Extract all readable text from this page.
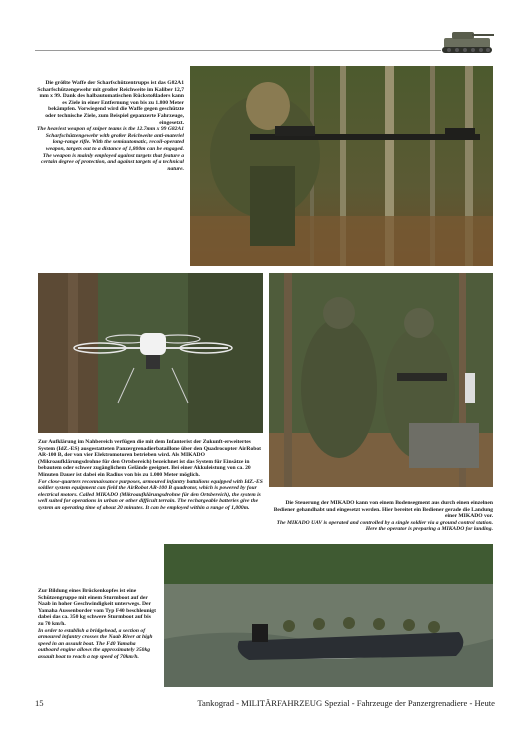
Die größte Waffe der Scharfschützentrupps ist das G82A1 Scharfschützengewehr mit großer Reichweite im Kaliber 12,7 mm x 99. Dank des halbautomatischen Rückstoßladers kann es Ziele in einer Entfernung von bis zu 1.800 Meter bekämpfen. Vorwiegend wird die Waffe gegen geschützte oder technische Ziele, zum Beispiel gepanzerte Fahrzeuge, eingesetzt.

The heaviest weapon of sniper teams is the 12.7mm x 99 G82A1 Scharfschützengewehr with großer Reichweite anti-materiel long-range rifle. With the semiautomatic, recoil-operated weapon, targets out to a distance of 1,800m can be engaged. The weapon is mainly employed against targets that feature a certain degree of protection, and against targets of a technical nature.

Zur Aufklärung im Nahbereich verfügen die mit dem Infanterist der Zukunft-erweitertes System (IdZ.-ES) ausgestatteten Panzergrenadierbataillone über den Quadrocopter AirRobot AR-100 B, der von vier Elektromotoren betrieben wird. Als MIKADO (Mikroaufklärungsdrohne für den Ortsbereich) bezeichnet ist das System für Einsätze in bebautem oder schwer zugänglichem Gelände geeignet. Bei einer Akkuleistung von ca. 20 Minuten Dauer ist dabei ein Radius von bis zu 1.000 Meter möglich.

For close-quarters reconnaissance purposes, armoured infantry battalions equipped with IdZ.-ES soldier system equipment can field the AirRobot AR-100 B quadrotor, which is powered by four electrical motors. Called MIKADO (Mikroaufklärungsdrohne für den Ortsbereich), the system is well suited for operations in urban or other difficult terrain. The rechargeable batteries give the system an operating time of about 20 minutes. It can be employed within a range of 1,000m.

Die Steuerung der MIKADO kann von einem Bodensegment aus durch einen einzelnen Bediener gehandhabt und eingesetzt werden. Hier bereitet ein Bediener gerade die Landung einer MIKADO vor.

The MIKADO UAV is operated and controlled by a single soldier via a ground control station. Here the operator is preparing a MIKADO for landing.

Zur Bildung eines Brückenkopfes ist eine Schützengruppe mit einem Sturmboot auf der Naab in hoher Geschwindigkeit unterwegs. Der Yamaha Aussenborder vom Typ F40 beschleunigt dabei das ca. 350 kg schwere Sturmboot auf bis zu 70 km/h.

In order to establish a bridgehead, a section of armoured infantry crosses the Naab River at high speed in an assault boat. The F40 Yamaha outboard engine allows the approximately 350kg assault boat to reach a top speed of 70km/h.

15	Tankograd - MILITÄRFAHRZEUG Spezial - Fahrzeuge der Panzergrenadiere - Heute
